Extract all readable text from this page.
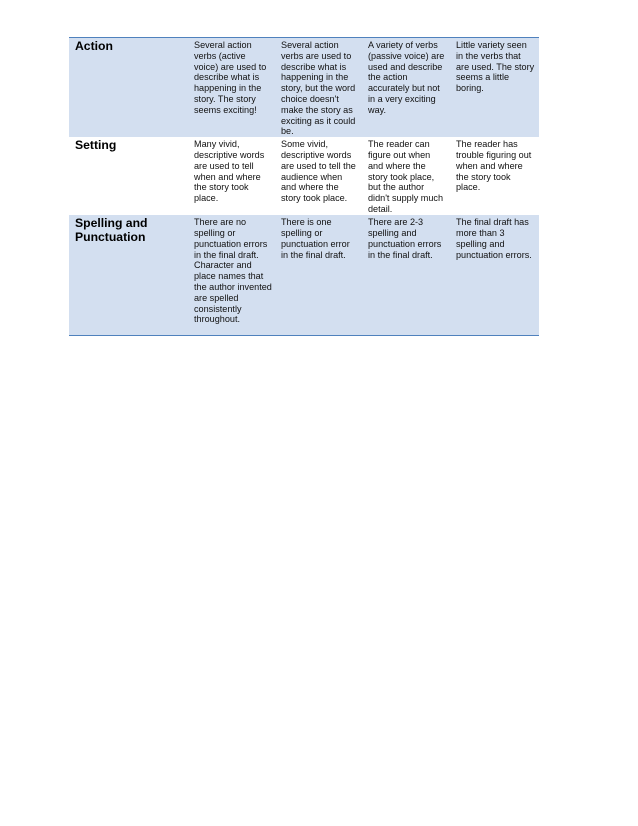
Action	Several action verbs (active voice) are used to describe what is happening in the story. The story seems exciting!	Several action verbs are used to describe what is happening in the story, but the word choice doesn't make the story as exciting as it could be.	A variety of verbs (passive voice) are used and describe the action accurately but not in a very exciting way.	Little variety seen in the verbs that are used. The story seems a little boring.

Setting	Many vivid, descriptive words are used to tell when and where the story took place.	Some vivid, descriptive words are used to tell the audience when and where the story took place.	The reader can figure out when and where the story took place, but the author didn't supply much detail.	The reader has trouble figuring out when and where the story took place.

Spelling and Punctuation	There are no spelling or punctuation errors in the final draft. Character and place names that the author invented are spelled consistently throughout.	There is one spelling or punctuation error in the final draft.	There are 2-3 spelling and punctuation errors in the final draft.	The final draft has more than 3 spelling and punctuation errors.
